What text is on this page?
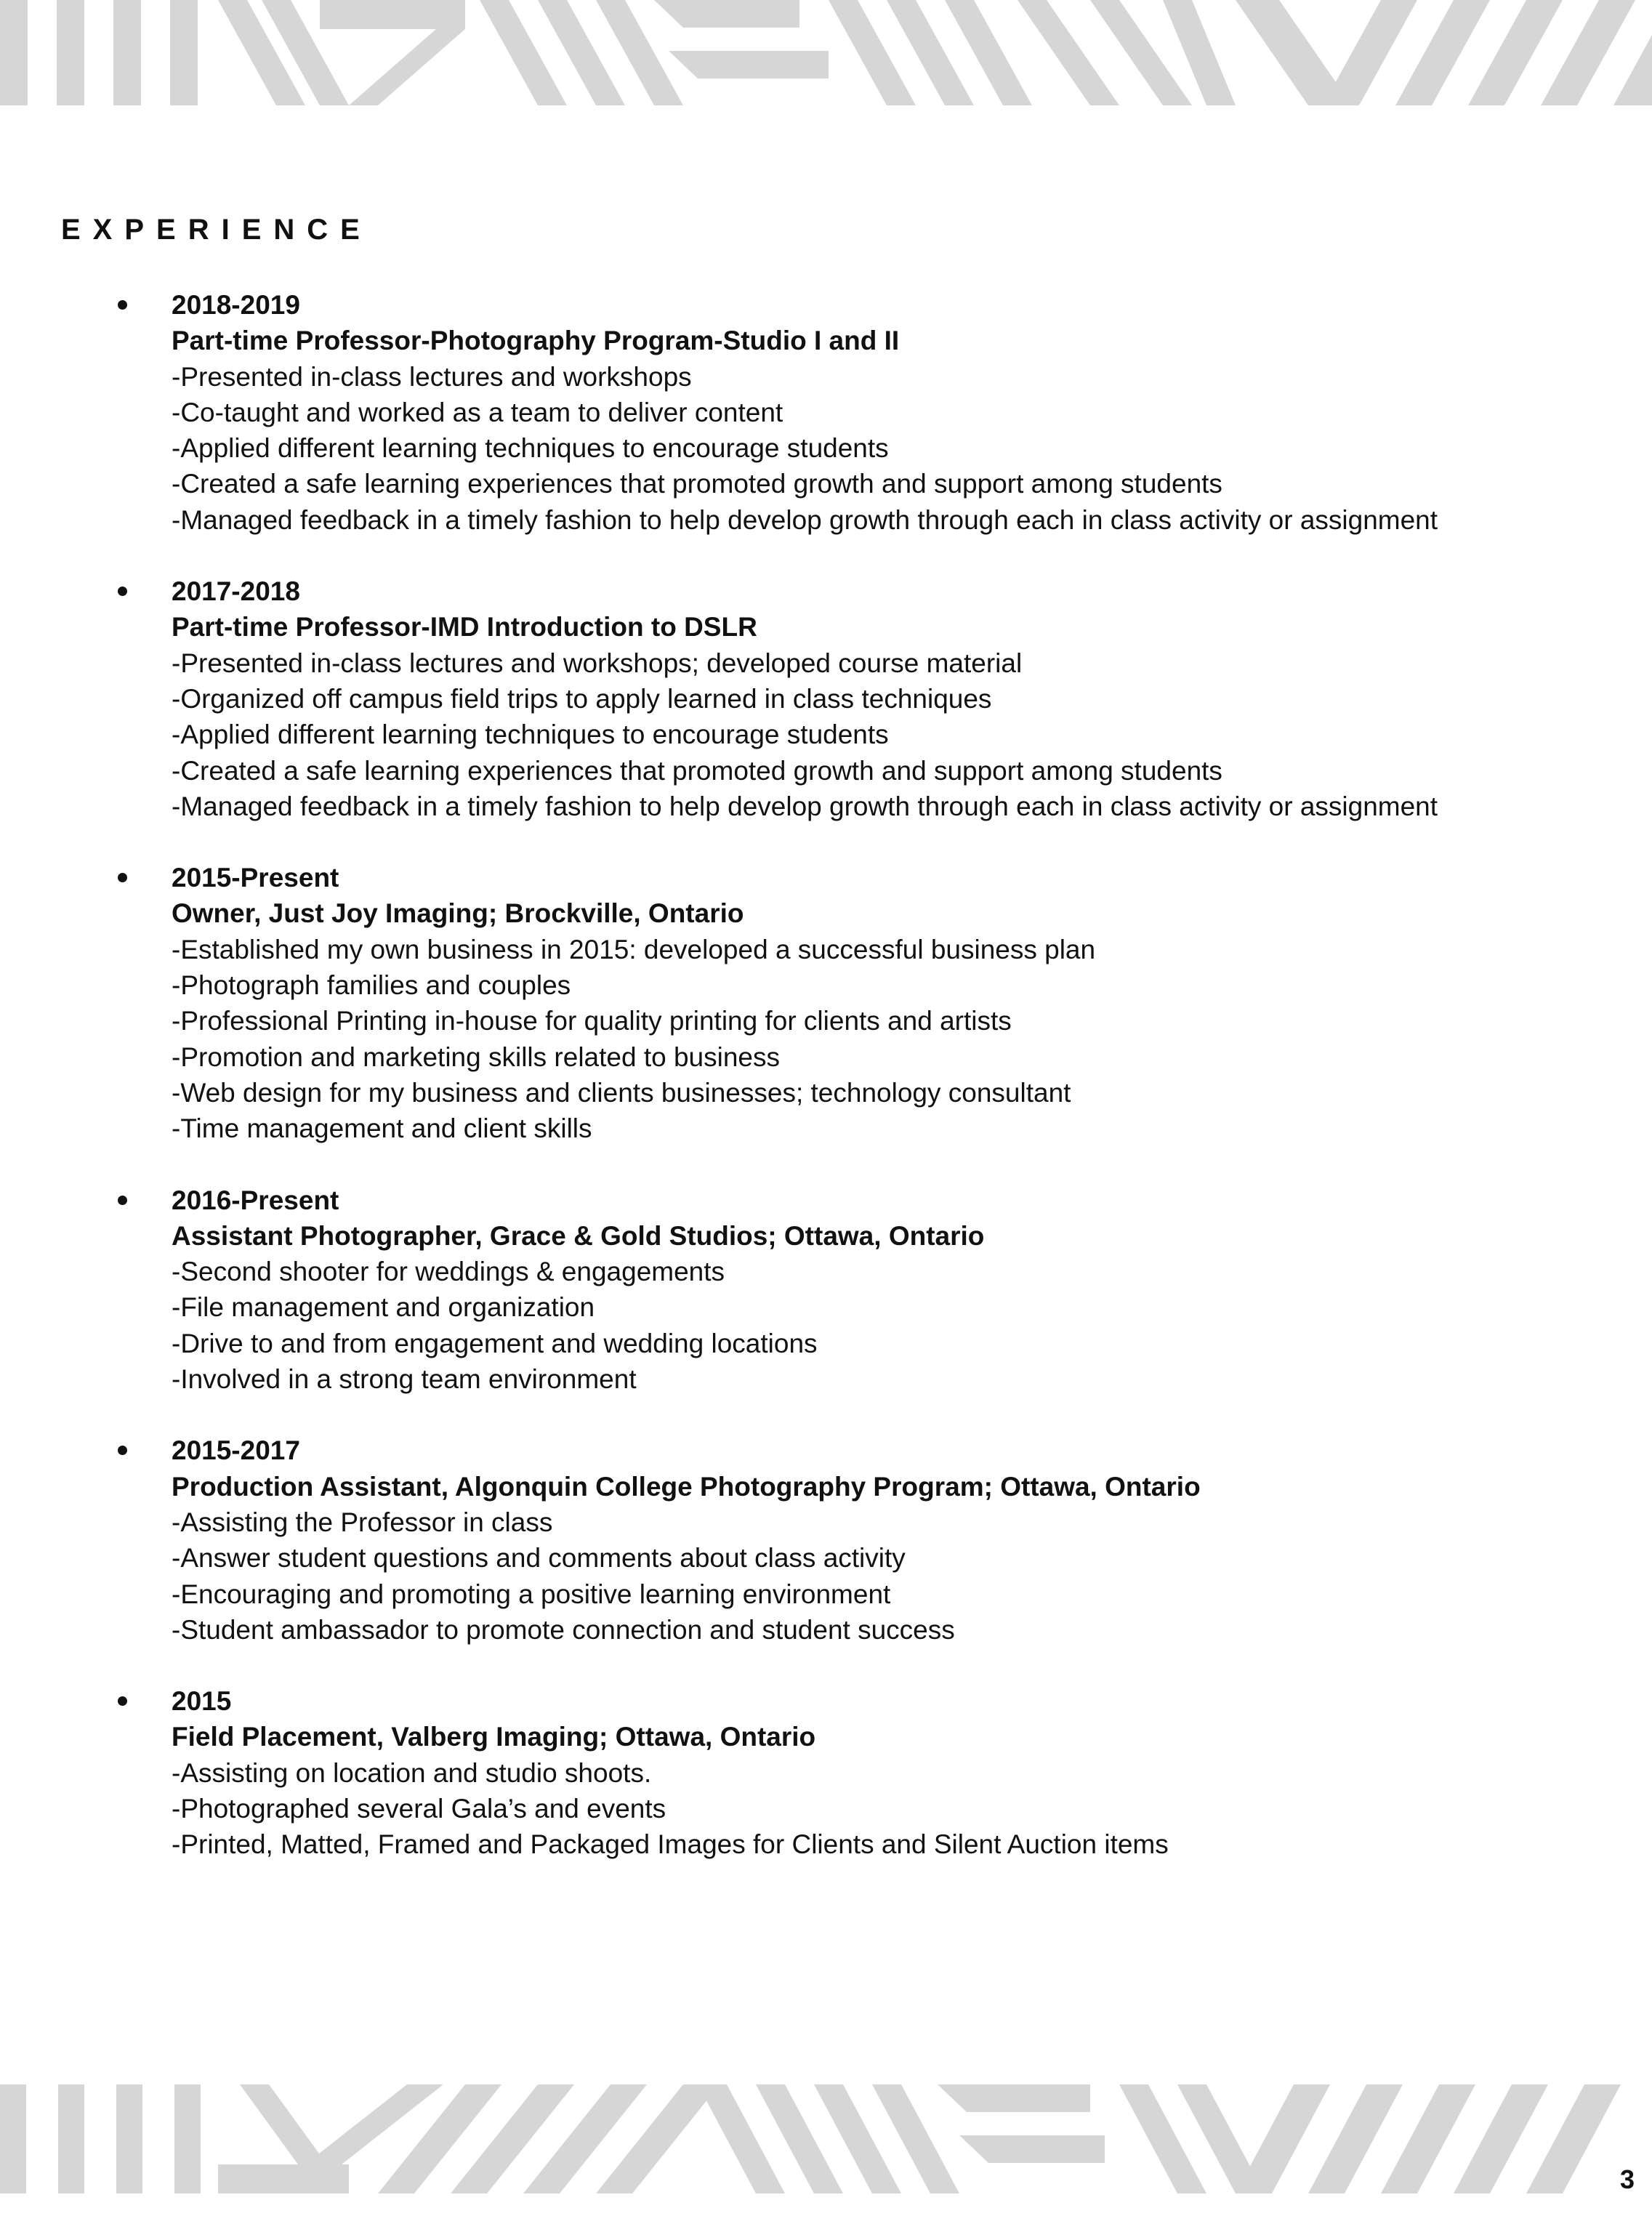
EXPERIENCE
2018-2019
Part-time Professor-Photography Program-Studio I and II
-Presented in-class lectures and workshops
-Co-taught and worked as a team to deliver content
-Applied different learning techniques to encourage students
-Created a safe learning experiences that promoted growth and support among students
-Managed feedback in a timely fashion to help develop growth through each in class activity or assignment
2017-2018
Part-time Professor-IMD Introduction to DSLR
-Presented in-class lectures and workshops; developed course material
-Organized off campus field trips to apply learned in class techniques
-Applied different learning techniques to encourage students
-Created a safe learning experiences that promoted growth and support among students
-Managed feedback in a timely fashion to help develop growth through each in class activity or assignment
2015-Present
Owner, Just Joy Imaging; Brockville, Ontario
-Established my own business in 2015: developed a successful business plan
-Photograph families and couples
-Professional Printing in-house for quality printing for clients and artists
-Promotion and marketing skills related to business
-Web design for my business and clients businesses; technology consultant
-Time management and client skills
2016-Present
Assistant Photographer, Grace & Gold Studios; Ottawa, Ontario
-Second shooter for weddings & engagements
-File management and organization
-Drive to and from engagement and wedding locations
-Involved in a strong team environment
2015-2017
Production Assistant, Algonquin College Photography Program; Ottawa, Ontario
-Assisting the Professor in class
-Answer student questions and comments about class activity
-Encouraging and promoting a positive learning environment
-Student ambassador to promote connection and student success
2015
Field Placement, Valberg Imaging; Ottawa, Ontario
-Assisting on location and studio shoots.
-Photographed several Gala’s and events
-Printed, Matted, Framed and Packaged Images for Clients and Silent Auction items
3
